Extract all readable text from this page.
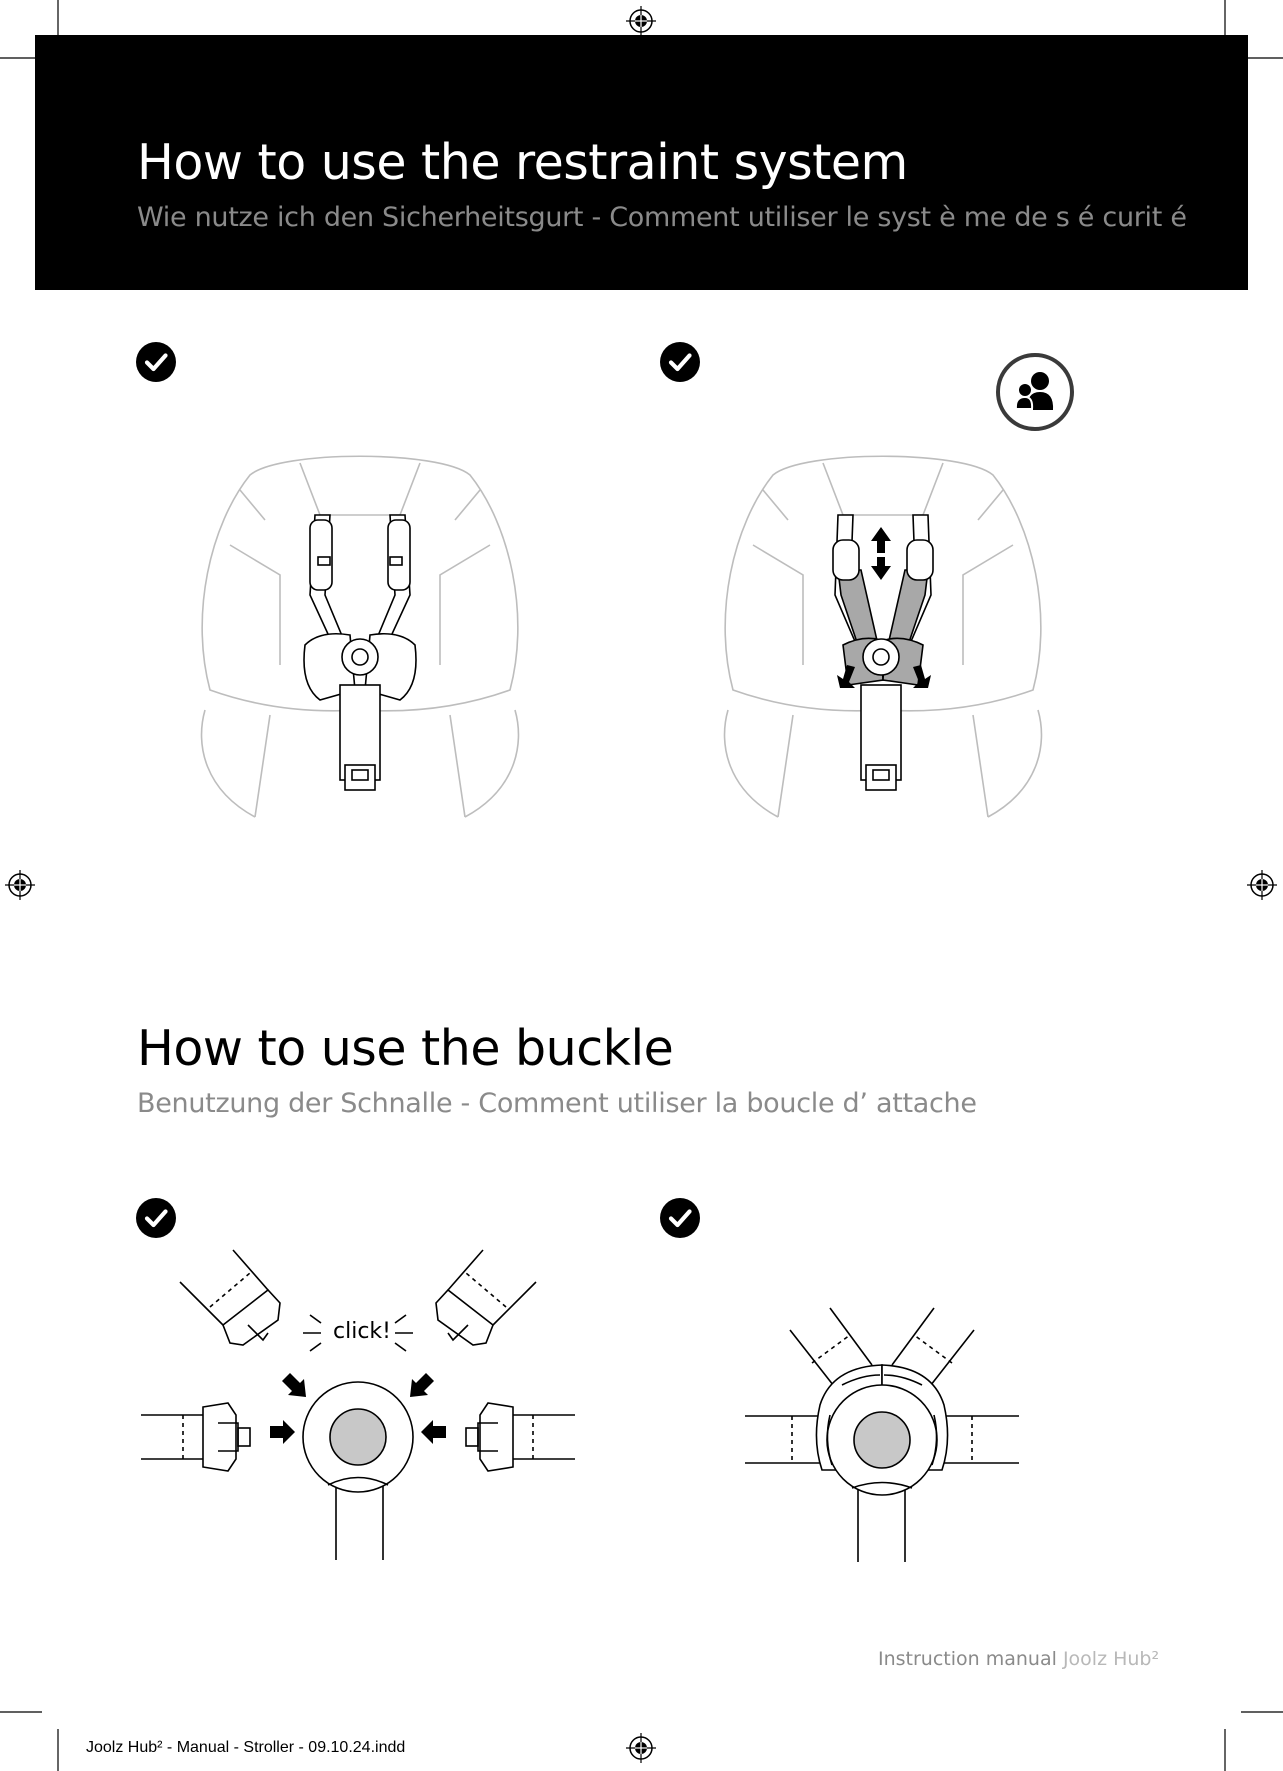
How to use the restraint system
Wie nutze ich den Sicherheitsgurt - Comment utiliser le syst è me de s é curit é
How to use the buckle
Benutzung der Schnalle - Comment utiliser la boucle d’ attache
click!
Instruction manual Joolz Hub²
Joolz Hub² - Manual - Stroller - 09.10.24.indd
